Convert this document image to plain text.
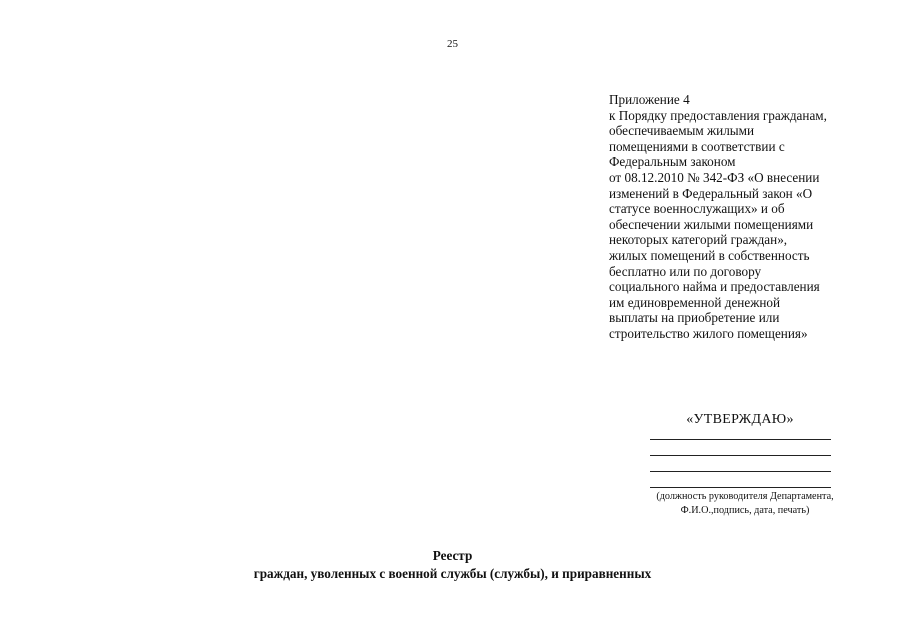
25
Приложение 4
к Порядку предоставления гражданам,
обеспечиваемым жилыми
помещениями в соответствии с
Федеральным законом
от 08.12.2010 № 342-ФЗ «О внесении
изменений в Федеральный закон «О
статусе военнослужащих» и об
обеспечении жилыми помещениями
некоторых категорий граждан»,
жилых помещений в собственность
бесплатно или по договору
социального найма и предоставления
им единовременной денежной
выплаты на приобретение или
строительство жилого помещения»
«УТВЕРЖДАЮ»
(должность руководителя Департамента,
Ф.И.О.,подпись, дата, печать)
Реестр
граждан, уволенных с военной службы (службы), и приравненных
